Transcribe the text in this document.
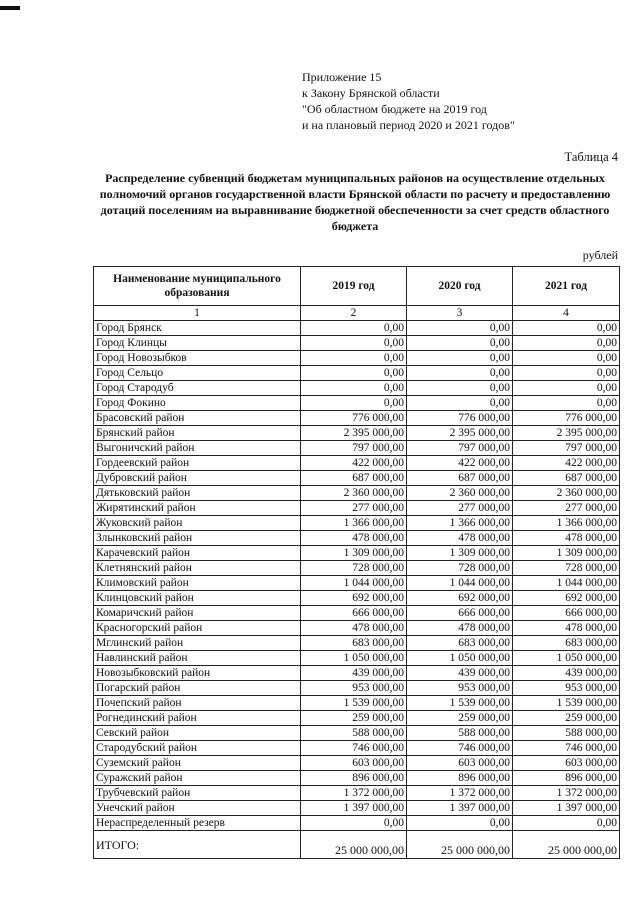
Приложение 15
к Закону Брянской области
"Об областном бюджете на 2019 год
и на плановый период 2020 и 2021 годов"
Таблица 4
Распределение субвенций бюджетам муниципальных районов на осуществление отдельных полномочий органов государственной власти Брянской области по расчету и предоставлению дотаций поселениям на выравнивание бюджетной обеспеченности за счет средств областного бюджета
рублей
Наименование муниципального образования	2019 год	2020 год	2021 год
1	2	3	4
Город Брянск	0,00	0,00	0,00
Город Клинцы	0,00	0,00	0,00
Город Новозыбков	0,00	0,00	0,00
Город Сельцо	0,00	0,00	0,00
Город Стародуб	0,00	0,00	0,00
Город Фокино	0,00	0,00	0,00
Брасовский район	776 000,00	776 000,00	776 000,00
Брянский район	2 395 000,00	2 395 000,00	2 395 000,00
Выгоничский район	797 000,00	797 000,00	797 000,00
Гордеевский район	422 000,00	422 000,00	422 000,00
Дубровский район	687 000,00	687 000,00	687 000,00
Дятьковский район	2 360 000,00	2 360 000,00	2 360 000,00
Жирятинский район	277 000,00	277 000,00	277 000,00
Жуковский район	1 366 000,00	1 366 000,00	1 366 000,00
Злынковский район	478 000,00	478 000,00	478 000,00
Карачевский район	1 309 000,00	1 309 000,00	1 309 000,00
Клетнянский район	728 000,00	728 000,00	728 000,00
Климовский район	1 044 000,00	1 044 000,00	1 044 000,00
Клинцовский район	692 000,00	692 000,00	692 000,00
Комаричский район	666 000,00	666 000,00	666 000,00
Красногорский район	478 000,00	478 000,00	478 000,00
Мглинский район	683 000,00	683 000,00	683 000,00
Навлинский район	1 050 000,00	1 050 000,00	1 050 000,00
Новозыбковский район	439 000,00	439 000,00	439 000,00
Погарский район	953 000,00	953 000,00	953 000,00
Почепский район	1 539 000,00	1 539 000,00	1 539 000,00
Рогнединский район	259 000,00	259 000,00	259 000,00
Севский район	588 000,00	588 000,00	588 000,00
Стародубский район	746 000,00	746 000,00	746 000,00
Суземский район	603 000,00	603 000,00	603 000,00
Суражский район	896 000,00	896 000,00	896 000,00
Трубчевский район	1 372 000,00	1 372 000,00	1 372 000,00
Унечский район	1 397 000,00	1 397 000,00	1 397 000,00
Нераспределенный резерв	0,00	0,00	0,00
ИТОГО:	25 000 000,00	25 000 000,00	25 000 000,00
